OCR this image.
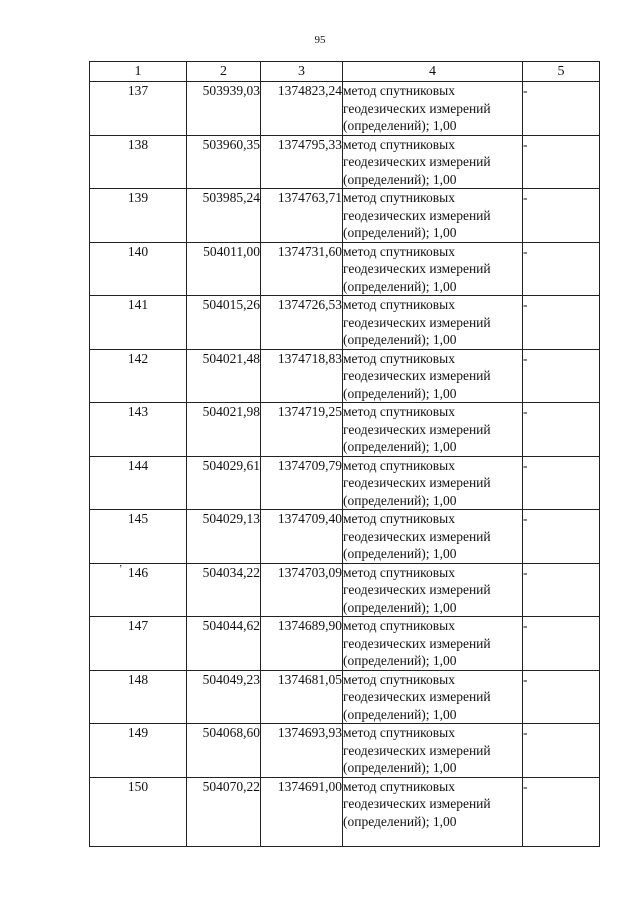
95
’
1	2	3	4	5
137	503939,03	1374823,24	метод спутниковых
геодезических измерений
(определений); 1,00	-
138	503960,35	1374795,33	метод спутниковых
геодезических измерений
(определений); 1,00	-
139	503985,24	1374763,71	метод спутниковых
геодезических измерений
(определений); 1,00	-
140	504011,00	1374731,60	метод спутниковых
геодезических измерений
(определений); 1,00	-
141	504015,26	1374726,53	метод спутниковых
геодезических измерений
(определений); 1,00	-
142	504021,48	1374718,83	метод спутниковых
геодезических измерений
(определений); 1,00	-
143	504021,98	1374719,25	метод спутниковых
геодезических измерений
(определений); 1,00	-
144	504029,61	1374709,79	метод спутниковых
геодезических измерений
(определений); 1,00	-
145	504029,13	1374709,40	метод спутниковых
геодезических измерений
(определений); 1,00	-
146	504034,22	1374703,09	метод спутниковых
геодезических измерений
(определений); 1,00	-
147	504044,62	1374689,90	метод спутниковых
геодезических измерений
(определений); 1,00	-
148	504049,23	1374681,05	метод спутниковых
геодезических измерений
(определений); 1,00	-
149	504068,60	1374693,93	метод спутниковых
геодезических измерений
(определений); 1,00	-
150	504070,22	1374691,00	метод спутниковых
геодезических измерений
(определений); 1,00	-
